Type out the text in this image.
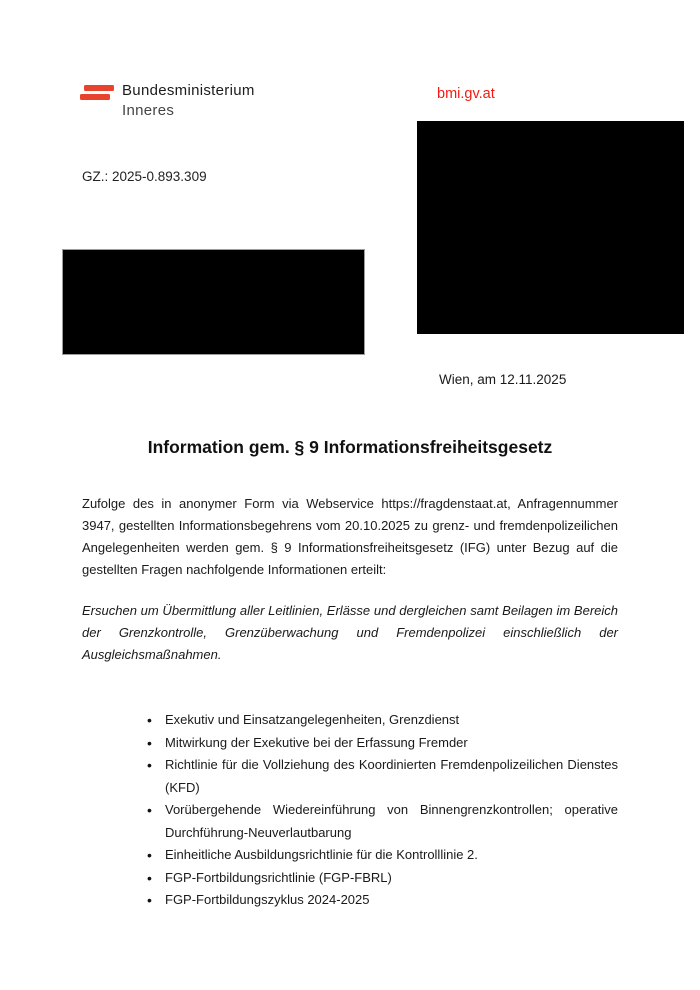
Bundesministerium
Inneres
bmi.gv.at
GZ.: 2025-0.893.309
Wien, am 12.11.2025
Information gem. § 9 Informationsfreiheitsgesetz

Zufolge des in anonymer Form via Webservice https://fragdenstaat.at, Anfragennummer 3947, gestellten Informationsbegehrens vom 20.10.2025 zu grenz- und fremdenpolizeilichen Angelegenheiten werden gem. § 9 Informationsfreiheitsgesetz (IFG) unter Bezug auf die gestellten Fragen nachfolgende Informationen erteilt:

Ersuchen um Übermittlung aller Leitlinien, Erlässe und dergleichen samt Beilagen im Bereich der Grenzkontrolle, Grenzüberwachung und Fremdenpolizei einschließlich der Ausgleichsmaßnahmen.

• Exekutiv und Einsatzangelegenheiten, Grenzdienst
• Mitwirkung der Exekutive bei der Erfassung Fremder
• Richtlinie für die Vollziehung des Koordinierten Fremdenpolizeilichen Dienstes (KFD)
• Vorübergehende Wiedereinführung von Binnengrenzkontrollen; operative Durchführung-Neuverlautbarung
• Einheitliche Ausbildungsrichtlinie für die Kontrolllinie 2.
• FGP-Fortbildungsrichtlinie (FGP-FBRL)
• FGP-Fortbildungszyklus 2024-2025
